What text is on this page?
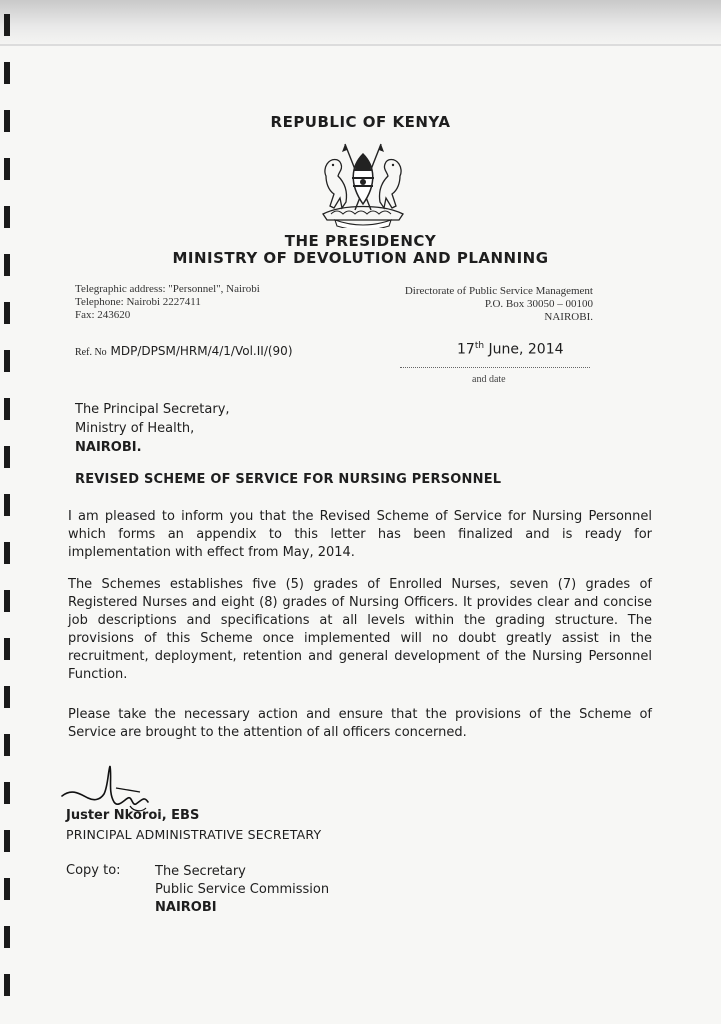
REPUBLIC OF KENYA
THE PRESIDENCY
MINISTRY OF DEVOLUTION AND PLANNING
Telegraphic address: "Personnel", Nairobi
Telephone: Nairobi 2227411
Fax: 243620
Directorate of Public Service Management
P.O. Box 30050 – 00100
NAIROBI.
Ref. No MDP/DPSM/HRM/4/1/Vol.II/(90)	17th June, 2014
and date
The Principal Secretary,
Ministry of Health,
NAIROBI.
REVISED SCHEME OF SERVICE FOR NURSING PERSONNEL
I am pleased to inform you that the Revised Scheme of Service for Nursing Personnel which forms an appendix to this letter has been finalized and is ready for implementation with effect from May, 2014.
The Schemes establishes five (5) grades of Enrolled Nurses, seven (7) grades of Registered Nurses and eight (8) grades of Nursing Officers. It provides clear and concise job descriptions and specifications at all levels within the grading structure. The provisions of this Scheme once implemented will no doubt greatly assist in the recruitment, deployment, retention and general development of the Nursing Personnel Function.
Please take the necessary action and ensure that the provisions of the Scheme of Service are brought to the attention of all officers concerned.
Juster Nkoroi, EBS
PRINCIPAL ADMINISTRATIVE SECRETARY
Copy to:	The Secretary
Public Service Commission
NAIROBI
